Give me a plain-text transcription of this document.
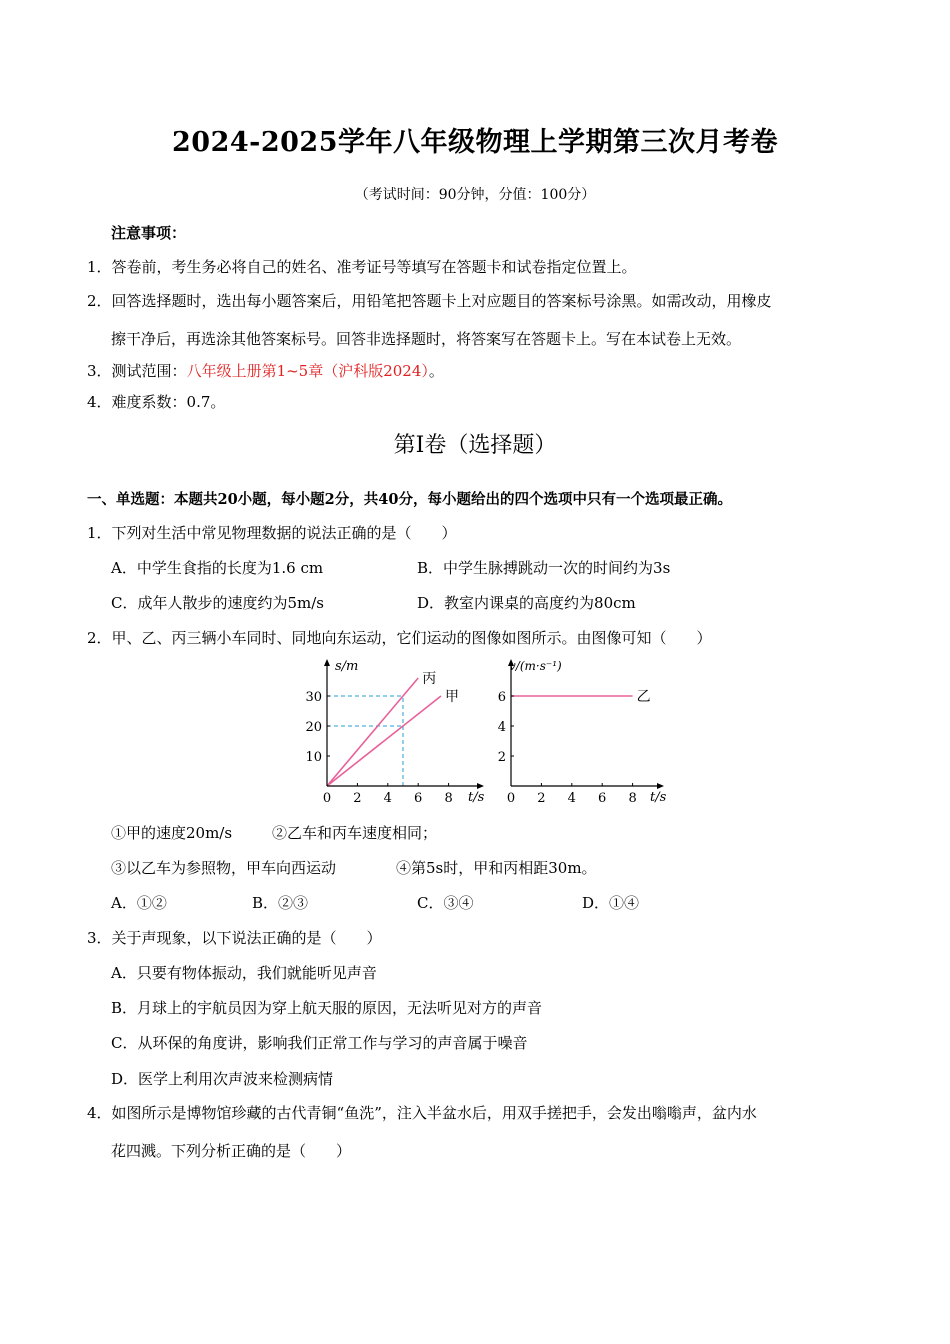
2024-2025学年八年级物理上学期第三次月考卷
（考试时间：90分钟，分值：100分）
注意事项：
1．答卷前，考生务必将自己的姓名、准考证号等填写在答题卡和试卷指定位置上。
2．回答选择题时，选出每小题答案后，用铅笔把答题卡上对应题目的答案标号涂黑。如需改动，用橡皮
擦干净后，再选涂其他答案标号。回答非选择题时，将答案写在答题卡上。写在本试卷上无效。
3．测试范围：八年级上册第1~5章（沪科版2024）。
4．难度系数：0.7。
第Ⅰ卷（选择题）
一、单选题：本题共20小题，每小题2分，共40分，每小题给出的四个选项中只有一个选项最正确。
1．下列对生活中常见物理数据的说法正确的是（　　）
A．中学生食指的长度为1.6 cm	B．中学生脉搏跳动一次的时间约为3s
C．成年人散步的速度约为5m/s	D．教室内课桌的高度约为80cm
2．甲、乙、丙三辆小车同时、同地向东运动，它们运动的图像如图所示。由图像可知（　　）
丙
甲
0 2 4 6 8
10
20
30
s/m
t/s
乙
0 2 4 6 8
2
4
6
v/(m·s⁻¹)
t/s
①甲的速度20m/s	②乙车和丙车速度相同；
③以乙车为参照物，甲车向西运动	④第5s时，甲和丙相距30m。
A．①②	B．②③	C．③④	D．①④
3．关于声现象，以下说法正确的是（　　）
A．只要有物体振动，我们就能听见声音
B．月球上的宇航员因为穿上航天服的原因，无法听见对方的声音
C．从环保的角度讲，影响我们正常工作与学习的声音属于噪音
D．医学上利用次声波来检测病情
4．如图所示是博物馆珍藏的古代青铜“鱼洗”，注入半盆水后，用双手搓把手，会发出嗡嗡声，盆内水
花四溅。下列分析正确的是（　　）
